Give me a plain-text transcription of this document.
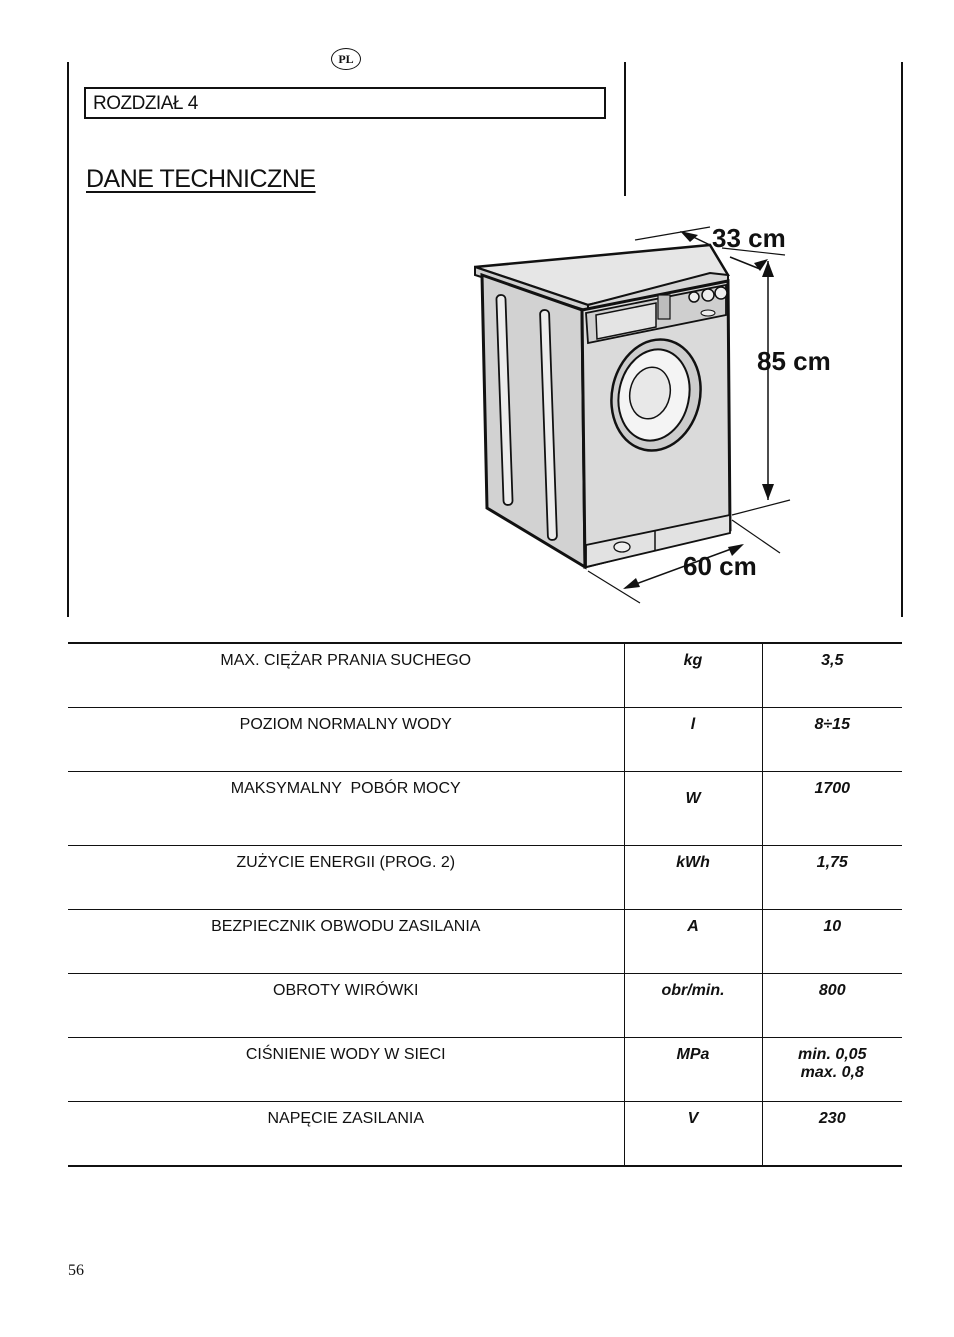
PL
ROZDZIAŁ 4
DANE TECHNICZNE
33 cm
85 cm
60 cm
MAX. CIĘŻAR PRANIA SUCHEGO	kg	3,5
POZIOM NORMALNY WODY	l	8÷15
MAKSYMALNY  POBÓR MOCY	W	1700
ZUŻYCIE ENERGII (PROG. 2)	kWh	1,75
BEZPIECZNIK OBWODU ZASILANIA	A	10
OBROTY WIRÓWKI	obr/min.	800
CIŚNIENIE WODY W SIECI	MPa	min. 0,05
max. 0,8
NAPĘCIE ZASILANIA	V	230
56
